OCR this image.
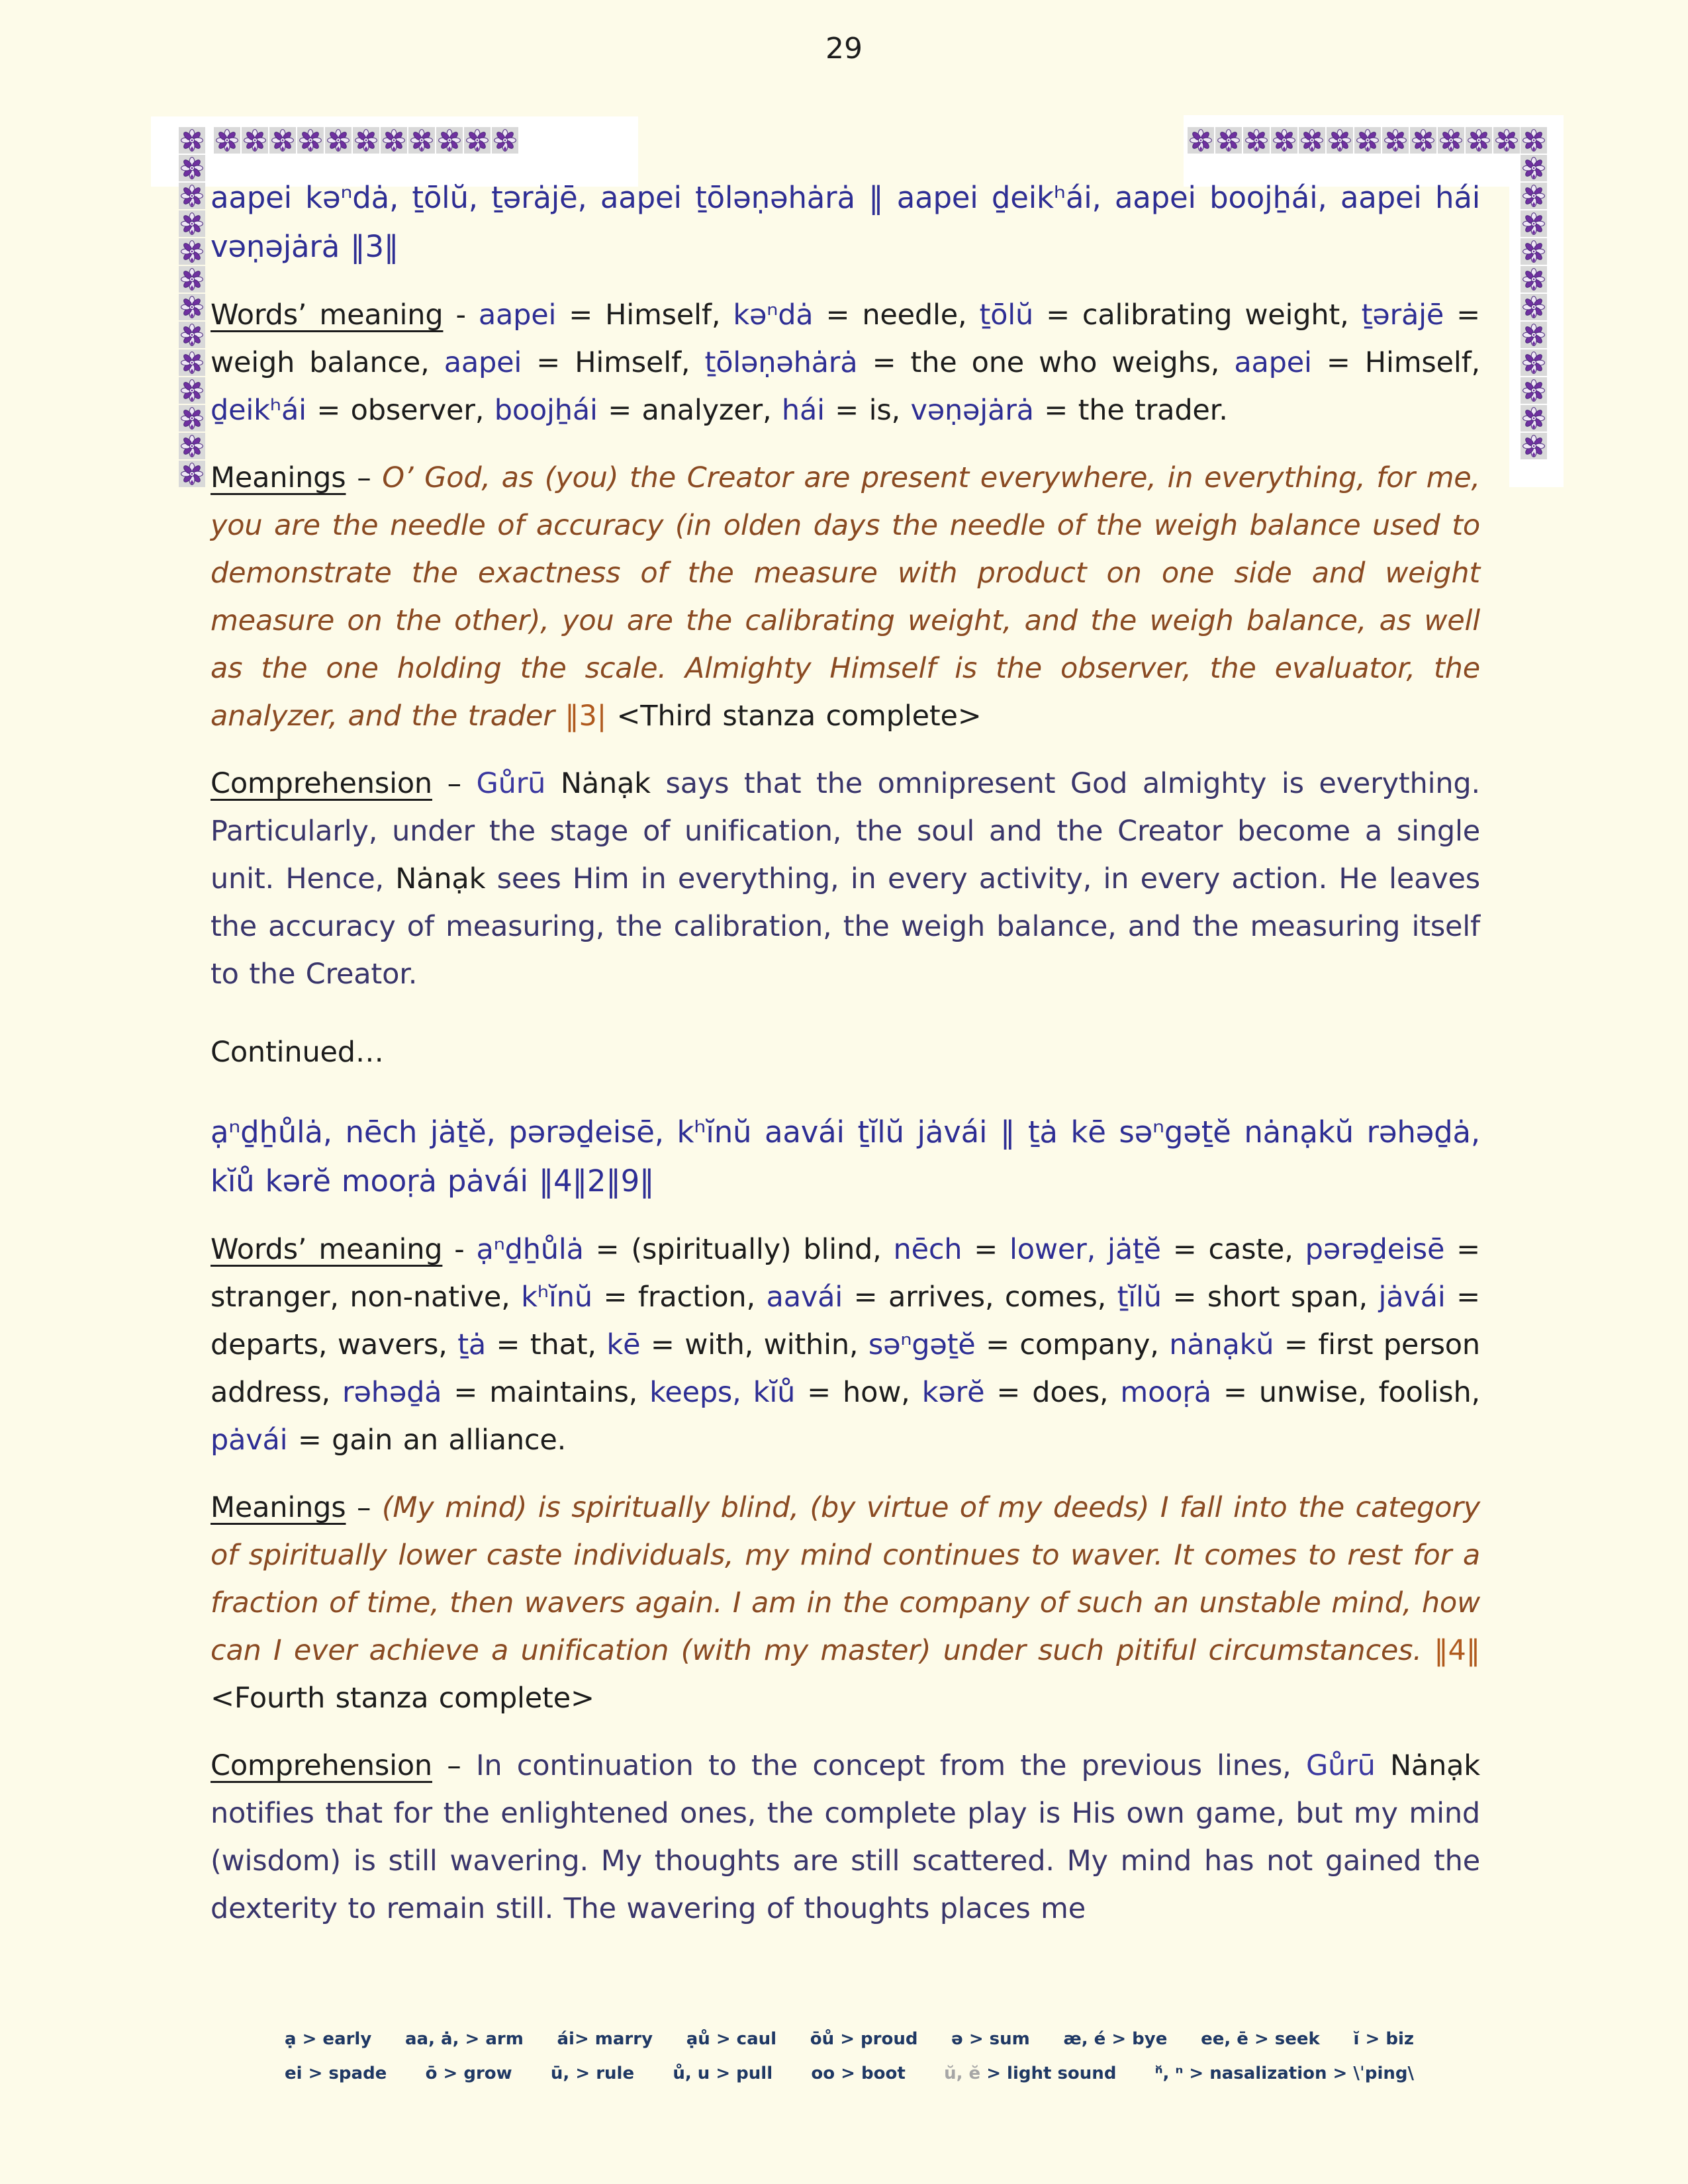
29

aapei kəⁿdȧ, ṯōlŭ, ṯərȧjē, aapei ṯōləṇəhȧrȧ ‖ aapei ḏeikʰái, aapei boojẖái, aapei hái vəṇəjȧrȧ ‖3‖

Words’ meaning - aapei = Himself, kəⁿdȧ = needle, ṯōlŭ = calibrating weight, ṯərȧjē = weigh balance, aapei = Himself, ṯōləṇəhȧrȧ = the one who weighs, aapei = Himself, ḏeikʰái = observer, boojẖái = analyzer, hái = is, vəṇəjȧrȧ = the trader.

Meanings – O’ God, as (you) the Creator are present everywhere, in everything, for me, you are the needle of accuracy (in olden days the needle of the weigh balance used to demonstrate the exactness of the measure with product on one side and weight measure on the other), you are the calibrating weight, and the weigh balance, as well as the one holding the scale. Almighty Himself is the observer, the evaluator, the analyzer, and the trader ‖3| <Third stanza complete>

Comprehension – Gůrū Nȧnạk says that the omnipresent God almighty is everything. Particularly, under the stage of unification, the soul and the Creator become a single unit. Hence, Nȧnạk sees Him in everything, in every activity, in every action. He leaves the accuracy of measuring, the calibration, the weigh balance, and the measuring itself to the Creator.

Continued…

ạⁿḏẖůlȧ, nēch jȧṯĕ, pərəḏeisē, kʰĭnŭ aavái ṯĭlŭ jȧvái ‖ ṯȧ kē səⁿgəṯĕ nȧnạkŭ rəhəḏȧ, kĭů kərĕ mooṛȧ pȧvái ‖4‖2‖9‖

Words’ meaning - ạⁿḏẖůlȧ = (spiritually) blind, nēch = lower, jȧṯĕ = caste, pərəḏeisē = stranger, non-native, kʰĭnŭ = fraction, aavái = arrives, comes, ṯĭlŭ = short span, jȧvái = departs, wavers, ṯȧ = that, kē = with, within, səⁿgəṯĕ = company, nȧnạkŭ = first person address, rəhəḏȧ = maintains, keeps, kĭů = how, kərĕ = does, mooṛȧ = unwise, foolish, pȧvái = gain an alliance.

Meanings – (My mind) is spiritually blind, (by virtue of my deeds) I fall into the category of spiritually lower caste individuals, my mind continues to waver. It comes to rest for a fraction of time, then wavers again. I am in the company of such an unstable mind, how can I ever achieve a unification (with my master) under such pitiful circumstances. ‖4‖ <Fourth stanza complete>

Comprehension – In continuation to the concept from the previous lines, Gůrū Nȧnạk notifies that for the enlightened ones, the complete play is His own game, but my mind (wisdom) is still wavering. My thoughts are still scattered. My mind has not gained the dexterity to remain still. The wavering of thoughts places me

ạ > early aa, ȧ, > arm ái> marry ạů > caul ōů > proud ə > sum æ, é > bye ee, ē > seek ĭ > biz
ei > spade ō > grow ū, > rule ů, u > pull oo > boot ŭ, ĕ > light sound ⁿ̆, ⁿ > nasalization > \ˈping\
